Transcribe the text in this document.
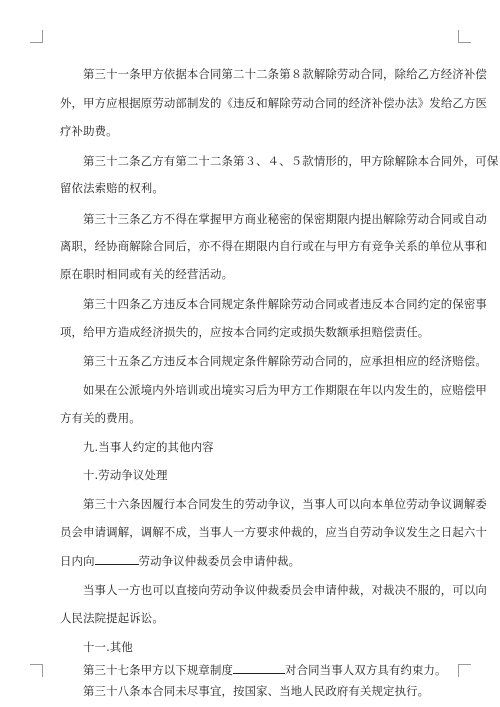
第三十一条甲方依据本合同第二十二条第８款解除劳动合同，除给乙方经济补偿
外，甲方应根据原劳动部制发的《违反和解除劳动合同的经济补偿办法》发给乙方医
疗补助费。
第三十二条乙方有第二十二条第３、４、５款情形的，甲方除解除本合同外，可保
留依法索赔的权利。
第三十三条乙方不得在掌握甲方商业秘密的保密期限内提出解除劳动合同或自动
离职，经协商解除合同后，亦不得在期限内自行或在与甲方有竞争关系的单位从事和
原在职时相同或有关的经营活动。
第三十四条乙方违反本合同规定条件解除劳动合同或者违反本合同约定的保密事
项，给甲方造成经济损失的，应按本合同约定或损失数额承担赔偿责任。
第三十五条乙方违反本合同规定条件解除劳动合同的，应承担相应的经济赔偿。
如果在公派境内外培训或出境实习后为甲方工作期限在年以内发生的，应赔偿甲
方有关的费用。
九.当事人约定的其他内容
十.劳动争议处理
第三十六条因履行本合同发生的劳动争议，当事人可以向本单位劳动争议调解委
员会申请调解，调解不成，当事人一方要求仲裁的，应当自劳动争议发生之日起六十
日内向	劳动争议仲裁委员会申请仲裁。
当事人一方也可以直接向劳动争议仲裁委员会申请仲裁，对裁决不服的，可以向
人民法院提起诉讼。
十一.其他
第三十七条甲方以下规章制度	对合同当事人双方具有约束力。
第三十八条本合同未尽事宜，按国家、当地人民政府有关规定执行。
